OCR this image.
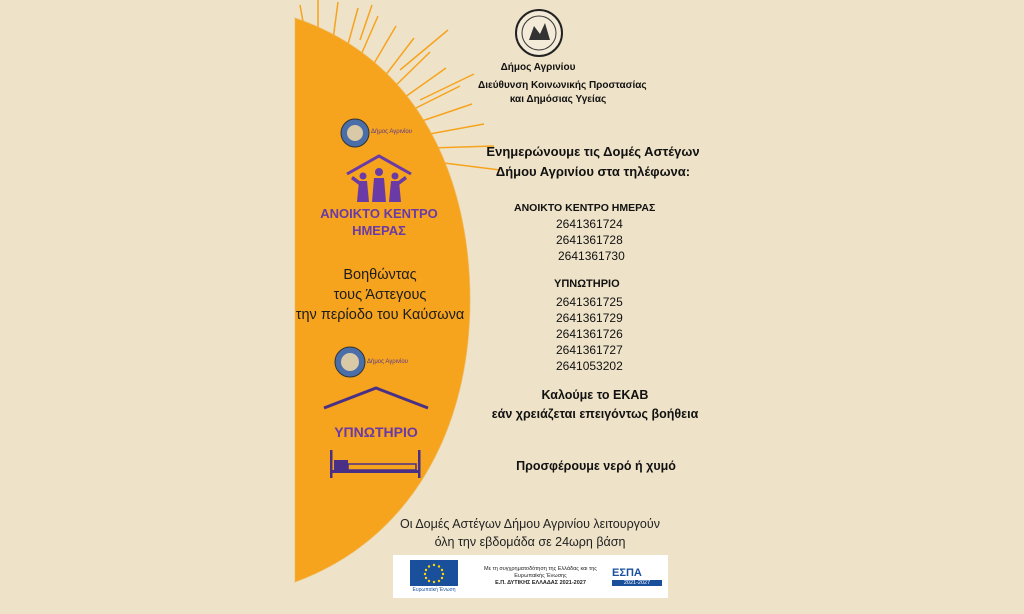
Δήμος Αγρινίου
Διεύθυνση Κοινωνικής Προστασίας
και Δημόσιας Υγείας
Δήμος Αγρινίου
ΑΝΟΙΚΤΟ ΚΕΝΤΡΟ
ΗΜΕΡΑΣ
Βοηθώντας
τους Άστεγους
την περίοδο του Καύσωνα
Δήμος Αγρινίου
ΥΠΝΩΤΗΡΙΟ
Ενημερώνουμε τις Δομές Αστέγων
Δήμου Αγρινίου στα τηλέφωνα:
ΑΝΟΙΚΤΟ ΚΕΝΤΡΟ ΗΜΕΡΑΣ
2641361724
2641361728
2641361730
ΥΠΝΩΤΗΡΙΟ
2641361725
2641361729
2641361726
2641361727
2641053202
Καλούμε το ΕΚΑΒ
εάν χρειάζεται επειγόντως βοήθεια
Προσφέρουμε νερό ή χυμό
Οι Δομές Αστέγων Δήμου Αγρινίου λειτουργούν
όλη την εβδομάδα σε 24ωρη βάση
Ευρωπαϊκή Ένωση
Με τη συγχρηματοδότηση της Ελλάδας και της
Ευρωπαϊκής Ένωσης
Ε.Π. ΔΥΤΙΚΗΣ ΕΛΛΑΔΑΣ 2021-2027
ΕΣΠΑ
2021-2027
